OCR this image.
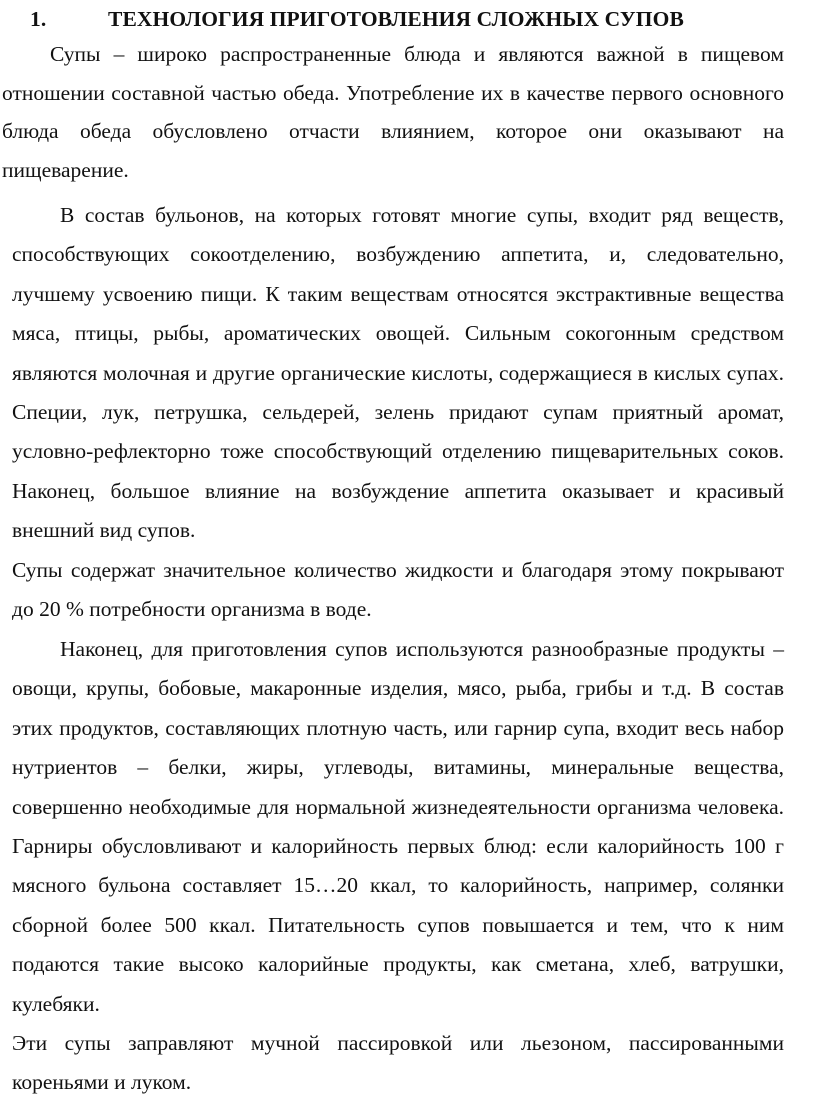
1.	ТЕХНОЛОГИЯ ПРИГОТОВЛЕНИЯ СЛОЖНЫХ СУПОВ

Супы – широко распространенные блюда и являются важной в пищевом отношении составной частью обеда. Употребление их в качестве первого основного блюда обеда обусловлено отчасти влиянием, которое они оказывают на пищеварение.

В состав бульонов, на которых готовят многие супы, входит ряд веществ, способствующих сокоотделению, возбуждению аппетита, и, следовательно, лучшему усвоению пищи. К таким веществам относятся экстрактивные вещества мяса, птицы, рыбы, ароматических овощей. Сильным сокогонным средством являются молочная и другие органические кислоты, содержащиеся в кислых супах. Специи, лук, петрушка, сельдерей, зелень придают супам приятный аромат, условно-рефлекторно тоже способствующий отделению пищеварительных соков. Наконец, большое влияние на возбуждение аппетита оказывает и красивый внешний вид супов.

Супы содержат значительное количество жидкости и благодаря этому покрывают до 20 % потребности организма в воде.

Наконец, для приготовления супов используются разнообразные продукты – овощи, крупы, бобовые, макаронные изделия, мясо, рыба, грибы и т.д. В состав этих продуктов, составляющих плотную часть, или гарнир супа, входит весь набор нутриентов – белки, жиры, углеводы, витамины, минеральные вещества, совершенно необходимые для нормальной жизнедеятельности организма человека. Гарниры обусловливают и калорийность первых блюд: если калорийность 100 г мясного бульона составляет 15…20 ккал, то калорийность, например, солянки сборной более 500 ккал. Питательность супов повышается и тем, что к ним подаются такие высоко калорийные продукты, как сметана, хлеб, ватрушки, кулебяки.

Эти супы заправляют мучной пассировкой или льезоном, пассированными кореньями и луком.
